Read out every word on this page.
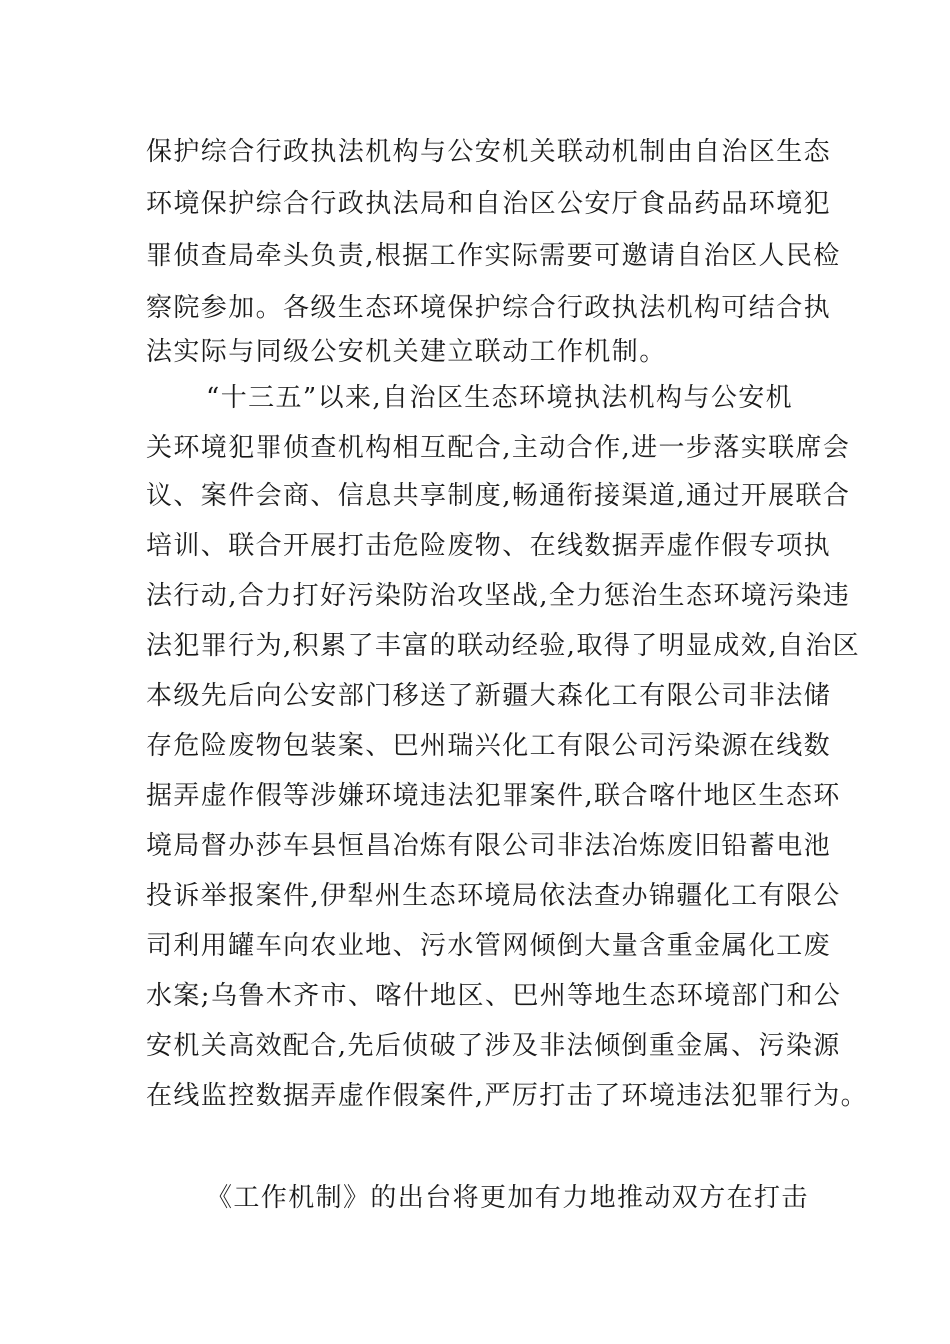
保护综合行政执法机构与公安机关联动机制由自治区生态
环境保护综合行政执法局和自治区公安厅食品药品环境犯
罪侦查局牵头负责,根据工作实际需要可邀请自治区人民检
察院参加。各级生态环境保护综合行政执法机构可结合执
法实际与同级公安机关建立联动工作机制。
“十三五”以来,自治区生态环境执法机构与公安机
关环境犯罪侦查机构相互配合,主动合作,进一步落实联席会
议、案件会商、信息共享制度,畅通衔接渠道,通过开展联合
培训、联合开展打击危险废物、在线数据弄虚作假专项执
法行动,合力打好污染防治攻坚战,全力惩治生态环境污染违
法犯罪行为,积累了丰富的联动经验,取得了明显成效,自治区
本级先后向公安部门移送了新疆大森化工有限公司非法储
存危险废物包装案、巴州瑞兴化工有限公司污染源在线数
据弄虚作假等涉嫌环境违法犯罪案件,联合喀什地区生态环
境局督办莎车县恒昌冶炼有限公司非法冶炼废旧铅蓄电池
投诉举报案件,伊犁州生态环境局依法查办锦疆化工有限公
司利用罐车向农业地、污水管网倾倒大量含重金属化工废
水案;乌鲁木齐市、喀什地区、巴州等地生态环境部门和公
安机关高效配合,先后侦破了涉及非法倾倒重金属、污染源
在线监控数据弄虚作假案件,严厉打击了环境违法犯罪行为。
《工作机制》的出台将更加有力地推动双方在打击
